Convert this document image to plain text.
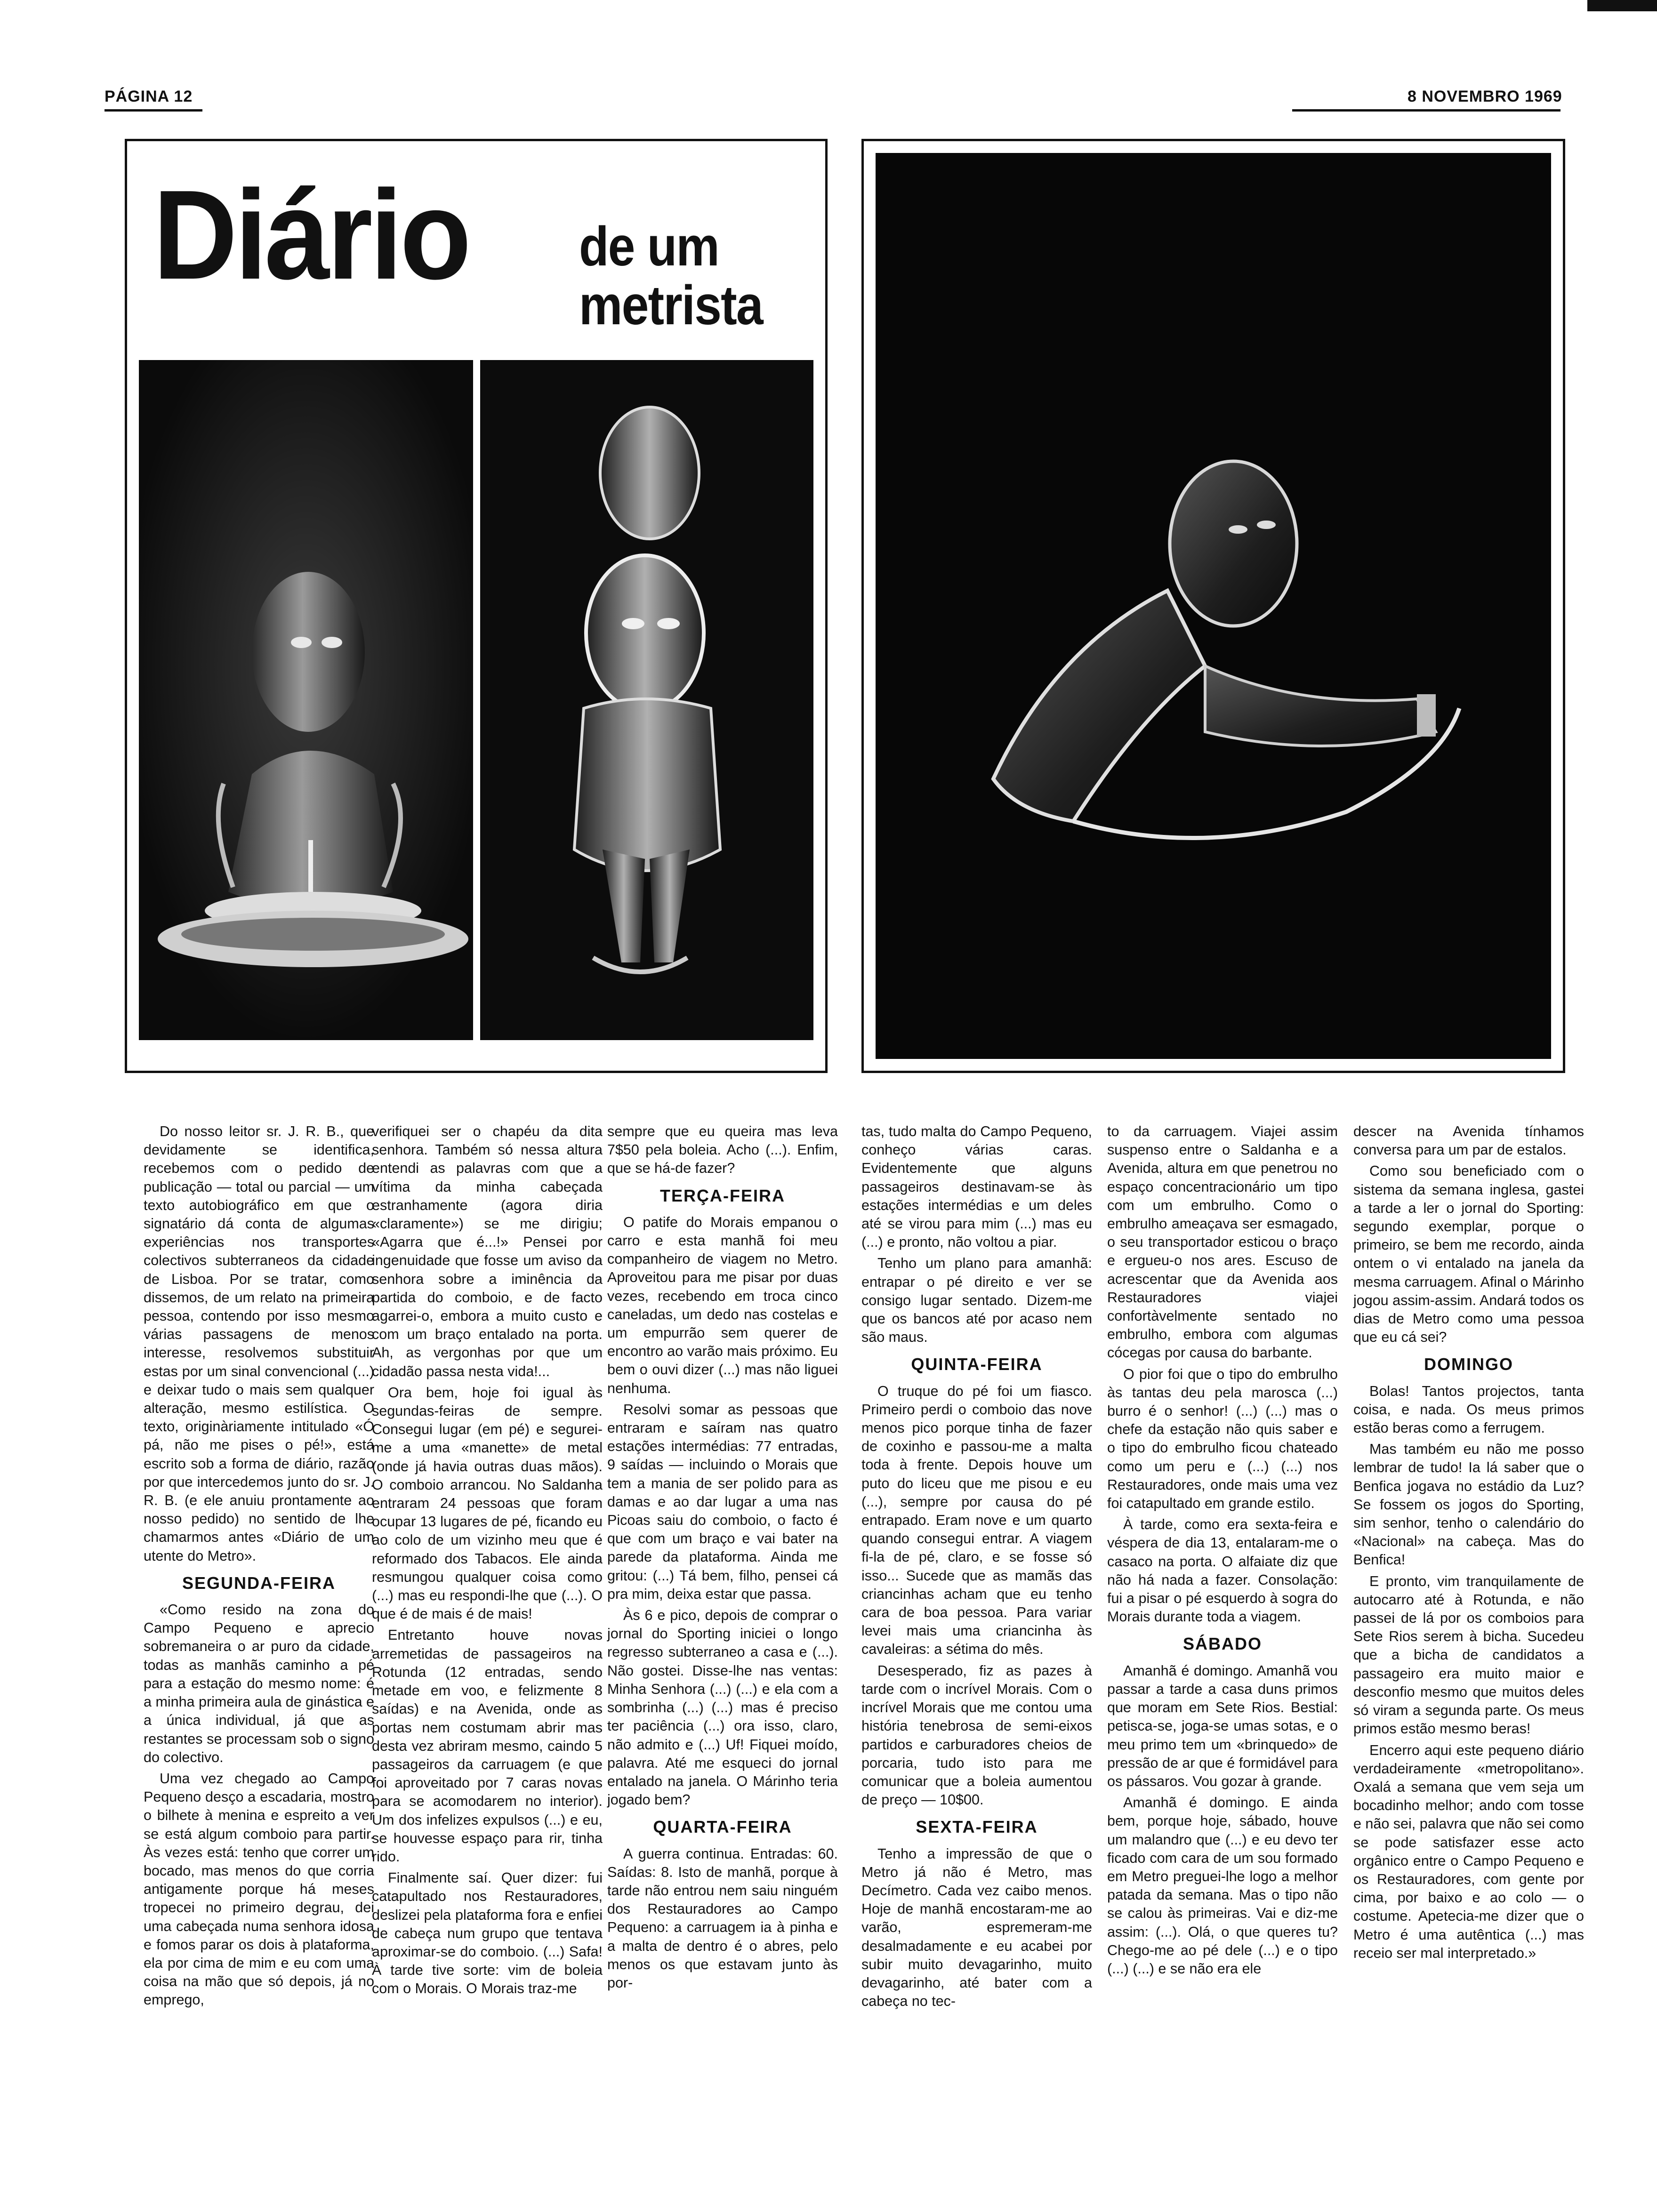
PÁGINA 12	8 NOVEMBRO 1969
Diário de um
metrista

Do nosso leitor sr. J. R. B., que devidamente se identifica, recebemos com o pedido de publicação — total ou parcial — um texto autobiográfico em que o signatário dá conta de algumas experiências nos transportes colectivos subterraneos da cidade de Lisboa. Por se tratar, como dissemos, de um relato na primeira pessoa, contendo por isso mesmo várias passagens de menos interesse, resolvemos substituir estas por um sinal convencional (...) e deixar tudo o mais sem qualquer alteração, mesmo estilística. O texto, originàriamente intitulado «Ó pá, não me pises o pé!», está escrito sob a forma de diário, razão por que intercedemos junto do sr. J. R. B. (e ele anuiu prontamente ao nosso pedido) no sentido de lhe chamarmos antes «Diário de um utente do Metro».

SEGUNDA-FEIRA

«Como resido na zona do Campo Pequeno e aprecio sobremaneira o ar puro da cidade, todas as manhãs caminho a pé para a estação do mesmo nome: é a minha primeira aula de ginástica e a única individual, já que as restantes se processam sob o signo do colectivo.

Uma vez chegado ao Campo Pequeno desço a escadaria, mostro o bilhete à menina e espreito a ver se está algum comboio para partir. Às vezes está: tenho que correr um bocado, mas menos do que corria antigamente porque há meses tropecei no primeiro degrau, dei uma cabeçada numa senhora idosa e fomos parar os dois à plataforma, ela por cima de mim e eu com uma coisa na mão que só depois, já no emprego,

verifiquei ser o chapéu da dita senhora. Também só nessa altura entendi as palavras com que a vítima da minha cabeçada estranhamente (agora diria «claramente») se me dirigiu; «Agarra que é...!» Pensei por ingenuidade que fosse um aviso da senhora sobre a iminência da partida do comboio, e de facto agarrei-o, embora a muito custo e com um braço entalado na porta. Ah, as vergonhas por que um cidadão passa nesta vida!...

Ora bem, hoje foi igual às segundas-feiras de sempre. Consegui lugar (em pé) e segurei-me a uma «manette» de metal (onde já havia outras duas mãos). O comboio arrancou. No Saldanha entraram 24 pessoas que foram ocupar 13 lugares de pé, ficando eu ao colo de um vizinho meu que é reformado dos Tabacos. Ele ainda resmungou qualquer coisa como (...) mas eu respondi-lhe que (...). O que é de mais é de mais!

Entretanto houve novas arremetidas de passageiros na Rotunda (12 entradas, sendo metade em voo, e felizmente 8 saídas) e na Avenida, onde as portas nem costumam abrir mas desta vez abriram mesmo, caindo 5 passageiros da carruagem (e que foi aproveitado por 7 caras novas para se acomodarem no interior). Um dos infelizes expulsos (...) e eu, se houvesse espaço para rir, tinha rido.

Finalmente saí. Quer dizer: fui catapultado nos Restauradores, deslizei pela plataforma fora e enfiei de cabeça num grupo que tentava aproximar-se do comboio. (...) Safa! À tarde tive sorte: vim de boleia com o Morais. O Morais traz-me

sempre que eu queira mas leva 7$50 pela boleia. Acho (...). Enfim, que se há-de fazer?

TERÇA-FEIRA

O patife do Morais empanou o carro e esta manhã foi meu companheiro de viagem no Metro. Aproveitou para me pisar por duas vezes, recebendo em troca cinco caneladas, um dedo nas costelas e um empurrão sem querer de encontro ao varão mais próximo. Eu bem o ouvi dizer (...) mas não liguei nenhuma.

Resolvi somar as pessoas que entraram e saíram nas quatro estações intermédias: 77 entradas, 9 saídas — incluindo o Morais que tem a mania de ser polido para as damas e ao dar lugar a uma nas Picoas saiu do comboio, o facto é que com um braço e vai bater na parede da plataforma. Ainda me gritou: (...) Tá bem, filho, pensei cá pra mim, deixa estar que passa.

Às 6 e pico, depois de comprar o jornal do Sporting iniciei o longo regresso subterraneo a casa e (...). Não gostei. Disse-lhe nas ventas: Minha Senhora (...) (...) e ela com a sombrinha (...) (...) mas é preciso ter paciência (...) ora isso, claro, não admito e (...) Uf! Fiquei moído, palavra. Até me esqueci do jornal entalado na janela. O Márinho teria jogado bem?

QUARTA-FEIRA

A guerra continua. Entradas: 60. Saídas: 8. Isto de manhã, porque à tarde não entrou nem saiu ninguém dos Restauradores ao Campo Pequeno: a carruagem ia à pinha e a malta de dentro é o abres, pelo menos os que estavam junto às por-

tas, tudo malta do Campo Pequeno, conheço várias caras. Evidentemente que alguns passageiros destinavam-se às estações intermédias e um deles até se virou para mim (...) mas eu (...) e pronto, não voltou a piar.

Tenho um plano para amanhã: entrapar o pé direito e ver se consigo lugar sentado. Dizem-me que os bancos até por acaso nem são maus.

QUINTA-FEIRA

O truque do pé foi um fiasco. Primeiro perdi o comboio das nove menos pico porque tinha de fazer de coxinho e passou-me a malta toda à frente. Depois houve um puto do liceu que me pisou e eu (...), sempre por causa do pé entrapado. Eram nove e um quarto quando consegui entrar. A viagem fi-la de pé, claro, e se fosse só isso... Sucede que as mamãs das criancinhas acham que eu tenho cara de boa pessoa. Para variar levei mais uma criancinha às cavaleiras: a sétima do mês.

Desesperado, fiz as pazes à tarde com o incrível Morais. Com o incrível Morais que me contou uma história tenebrosa de semi-eixos partidos e carburadores cheios de porcaria, tudo isto para me comunicar que a boleia aumentou de preço — 10$00.

SEXTA-FEIRA

Tenho a impressão de que o Metro já não é Metro, mas Decímetro. Cada vez caibo menos. Hoje de manhã encostaram-me ao varão, espremeram-me desalmadamente e eu acabei por subir muito devagarinho, muito devagarinho, até bater com a cabeça no tec-

to da carruagem. Viajei assim suspenso entre o Saldanha e a Avenida, altura em que penetrou no espaço concentracionário um tipo com um embrulho. Como o embrulho ameaçava ser esmagado, o seu transportador esticou o braço e ergueu-o nos ares. Escuso de acrescentar que da Avenida aos Restauradores viajei confortàvelmente sentado no embrulho, embora com algumas cócegas por causa do barbante.

O pior foi que o tipo do embrulho às tantas deu pela marosca (...) burro é o senhor! (...) (...) mas o chefe da estação não quis saber e o tipo do embrulho ficou chateado como um peru e (...) (...) nos Restauradores, onde mais uma vez foi catapultado em grande estilo.

À tarde, como era sexta-feira e véspera de dia 13, entalaram-me o casaco na porta. O alfaiate diz que não há nada a fazer. Consolação: fui a pisar o pé esquerdo à sogra do Morais durante toda a viagem.

SÁBADO

Amanhã é domingo. Amanhã vou passar a tarde a casa duns primos que moram em Sete Rios. Bestial: petisca-se, joga-se umas sotas, e o meu primo tem um «brinquedo» de pressão de ar que é formidável para os pássaros. Vou gozar à grande.

Amanhã é domingo. E ainda bem, porque hoje, sábado, houve um malandro que (...) e eu devo ter ficado com cara de um sou formado em Metro preguei-lhe logo a melhor patada da semana. Mas o tipo não se calou às primeiras. Vai e diz-me assim: (...). Olá, o que queres tu? Chego-me ao pé dele (...) e o tipo (...) (...) e se não era ele

descer na Avenida tínhamos conversa para um par de estalos.

Como sou beneficiado com o sistema da semana inglesa, gastei a tarde a ler o jornal do Sporting: segundo exemplar, porque o primeiro, se bem me recordo, ainda ontem o vi entalado na janela da mesma carruagem. Afinal o Márinho jogou assim-assim. Andará todos os dias de Metro como uma pessoa que eu cá sei?

DOMINGO

Bolas! Tantos projectos, tanta coisa, e nada. Os meus primos estão beras como a ferrugem.

Mas também eu não me posso lembrar de tudo! Ia lá saber que o Benfica jogava no estádio da Luz? Se fossem os jogos do Sporting, sim senhor, tenho o calendário do «Nacional» na cabeça. Mas do Benfica!

E pronto, vim tranquilamente de autocarro até à Rotunda, e não passei de lá por os comboios para Sete Rios serem à bicha. Sucedeu que a bicha de candidatos a passageiro era muito maior e desconfio mesmo que muitos deles só viram a segunda parte. Os meus primos estão mesmo beras!

Encerro aqui este pequeno diário verdadeiramente «metropolitano». Oxalá a semana que vem seja um bocadinho melhor; ando com tosse e não sei, palavra que não sei como se pode satisfazer esse acto orgânico entre o Campo Pequeno e os Restauradores, com gente por cima, por baixo e ao colo — o costume. Apetecia-me dizer que o Metro é uma autêntica (...) mas receio ser mal interpretado.»
